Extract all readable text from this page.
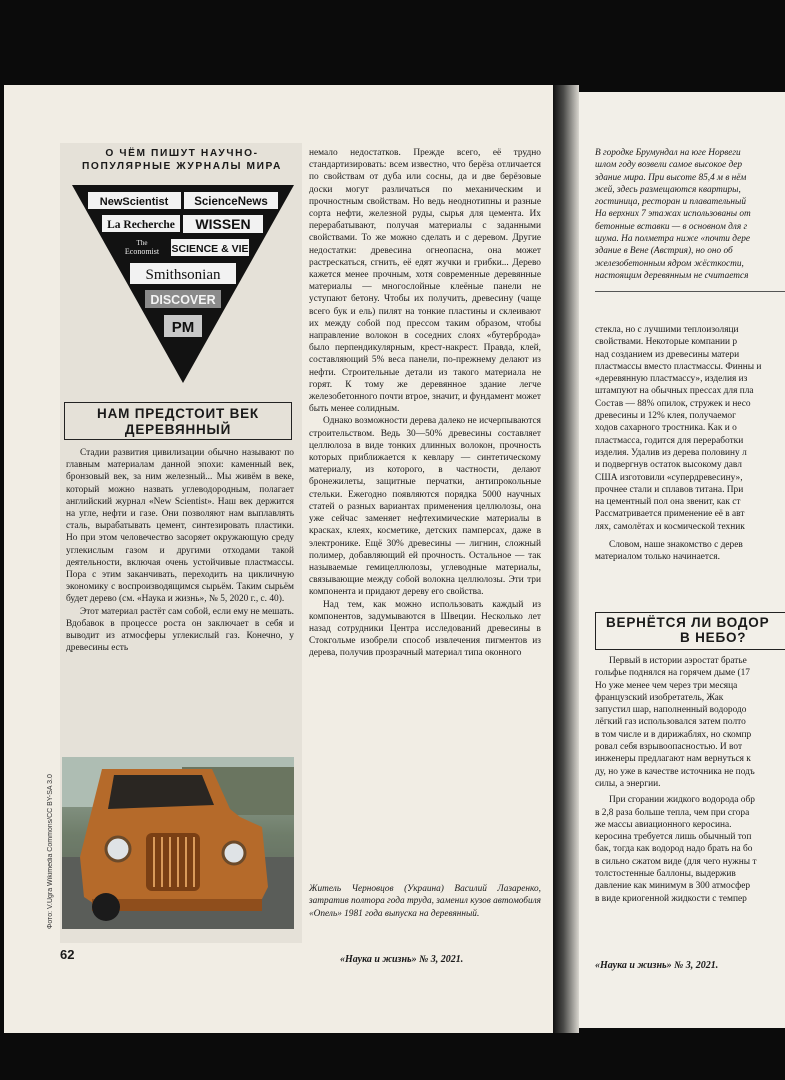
О ЧЁМ ПИШУТ НАУЧНО-
ПОПУЛЯРНЫЕ ЖУРНАЛЫ МИРА
NewScientist ScienceNews
La Recherche WISSEN
The
Economist SCIENCE & VIE
Smithsonian
DISCOVER
PM
НАМ ПРЕДСТОИТ ВЕК
ДЕРЕВЯННЫЙ

Стадии развития цивилизации обычно называют по главным материалам данной эпохи: каменный век, бронзовый век, за ним железный... Мы живём в веке, который можно назвать углеводородным, полагает английский журнал «New Scientist». Наш век держится на угле, нефти и газе. Они позволяют нам выплавлять сталь, вырабатывать цемент, синтезировать пластики. Но при этом человечество засоряет окружающую среду углекислым газом и другими отходами такой деятельности, включая очень устойчивые пластмассы. Пора с этим заканчивать, переходить на цикличную экономику с воспроизводящимся сырьём. Таким сырьём будет дерево (см. «Наука и жизнь», № 5, 2020 г., с. 40).

Этот материал растёт сам собой, если ему не мешать. Вдобавок в процессе роста он заключает в себя и выводит из атмосферы углекислый газ. Конечно, у древесины есть

Фото: V.Ugra Wikimedia Commons/CC BY-SA 3.0

немало недостатков. Прежде всего, её трудно стандартизировать: всем известно, что берёза отличается по свойствам от дуба или сосны, да и две берёзовые доски могут различаться по механическим и прочностным свойствам. Но ведь неоднотипны и разные сорта нефти, железной руды, сырья для цемента. Их перерабатывают, получая материалы с заданными свойствами. То же можно сделать и с деревом. Другие недостатки: древесина огнеопасна, она может растрескаться, сгнить, её едят жучки и грибки... Дерево кажется менее прочным, хотя современные деревянные материалы — многослойные клеёные панели не уступают бетону. Чтобы их получить, древесину (чаще всего бук и ель) пилят на тонкие пластины и склеивают их между собой под прессом таким образом, чтобы направление волокон в соседних слоях «бутерброда» было перпендикулярным, крест-накрест. Правда, клей, составляющий 5% веса панели, по-прежнему делают из нефти. Строительные детали из такого материала не горят. К тому же деревянное здание легче железобетонного почти втрое, значит, и фундамент может быть менее солидным.

Однако возможности дерева далеко не исчерпываются строительством. Ведь 30—50% древесины составляет целлюлоза в виде тонких длинных волокон, прочность которых приближается к кевлару — синтетическому материалу, из которого, в частности, делают бронежилеты, защитные перчатки, антипрокольные стельки. Ежегодно появляются порядка 5000 научных статей о разных вариантах применения целлюлозы, она уже сейчас заменяет нефтехимические материалы в красках, клеях, косметике, детских памперсах, даже в электронике. Ещё 30% древесины — лигнин, сложный полимер, добавляющий ей прочность. Остальное — так называемые гемицеллюлозы, углеводные материалы, связывающие между собой волокна целлюлозы. Эти три компонента и придают дереву его свойства.

Над тем, как можно использовать каждый из компонентов, задумываются в Швеции. Несколько лет назад сотрудники Центра исследований древесины в Стокгольме изобрели способ извлечения пигментов из дерева, получив прозрачный материал типа оконного

Житель Черновцов (Украина) Василий Лазаренко, затратив полтора года труда, заменил кузов автомобиля «Опель» 1981 года выпуска на деревянный.
62	«Наука и жизнь» № 3, 2021.
В городке Брумундал на юге Норвеги
шлом году возвели самое высокое дер
здание мира. При высоте 85,4 м в нём
жей, здесь размещаются квартиры,
гостиница, ресторан и плавательный
На верхних 7 этажах использованы от
бетонные вставки — в основном для г
шума. На полметра ниже «почти дере
здание в Вене (Австрия), но оно об
железобетонным ядром жёсткости,
настоящим деревянным не считается
стекла, но с лучшими теплоизоляци
свойствами. Некоторые компании р
над созданием из древесины матери
пластмассы вместо пластмассы. Финны и
«деревянную пластмассу», изделия из
штампуют на обычных прессах для пла
Состав — 88% опилок, стружек и несо
древесины и 12% клея, получаемог
ходов сахарного тростника. Как и о
пластмасса, годится для переработки
изделия. Удалив из дерева половину л
и подвергнув остаток высокому давл
США изготовили «супердревесину»,
прочнее стали и сплавов титана. При
на цементный пол она звенит, как ст
Рассматривается применение её в авт
лях, самолётах и космической техник
Словом, наше знакомство с дерев
материалом только начинается.
ВЕРНЁТСЯ ЛИ ВОДОР
В НЕБО?
Первый в истории аэростат братье
гольфье поднялся на горячем дыме (17
Но уже менее чем через три месяца
французский изобретатель, Жак
запустил шар, наполненный водородо
лёгкий газ использовался затем полто
в том числе и в дирижаблях, но скомпр
ровал себя взрывоопасностью. И вот
инженеры предлагают нам вернуться к
ду, но уже в качестве источника не подъ
силы, а энергии.
При сгорании жидкого водорода обр
в 2,8 раза больше тепла, чем при сгора
же массы авиационного керосина.
керосина требуется лишь обычный топ
бак, тогда как водород надо брать на бо
в сильно сжатом виде (для чего нужны т
толстостенные баллоны, выдержив
давление как минимум в 300 атмосфер
в виде криогенной жидкости с темпер
«Наука и жизнь» № 3, 2021.
